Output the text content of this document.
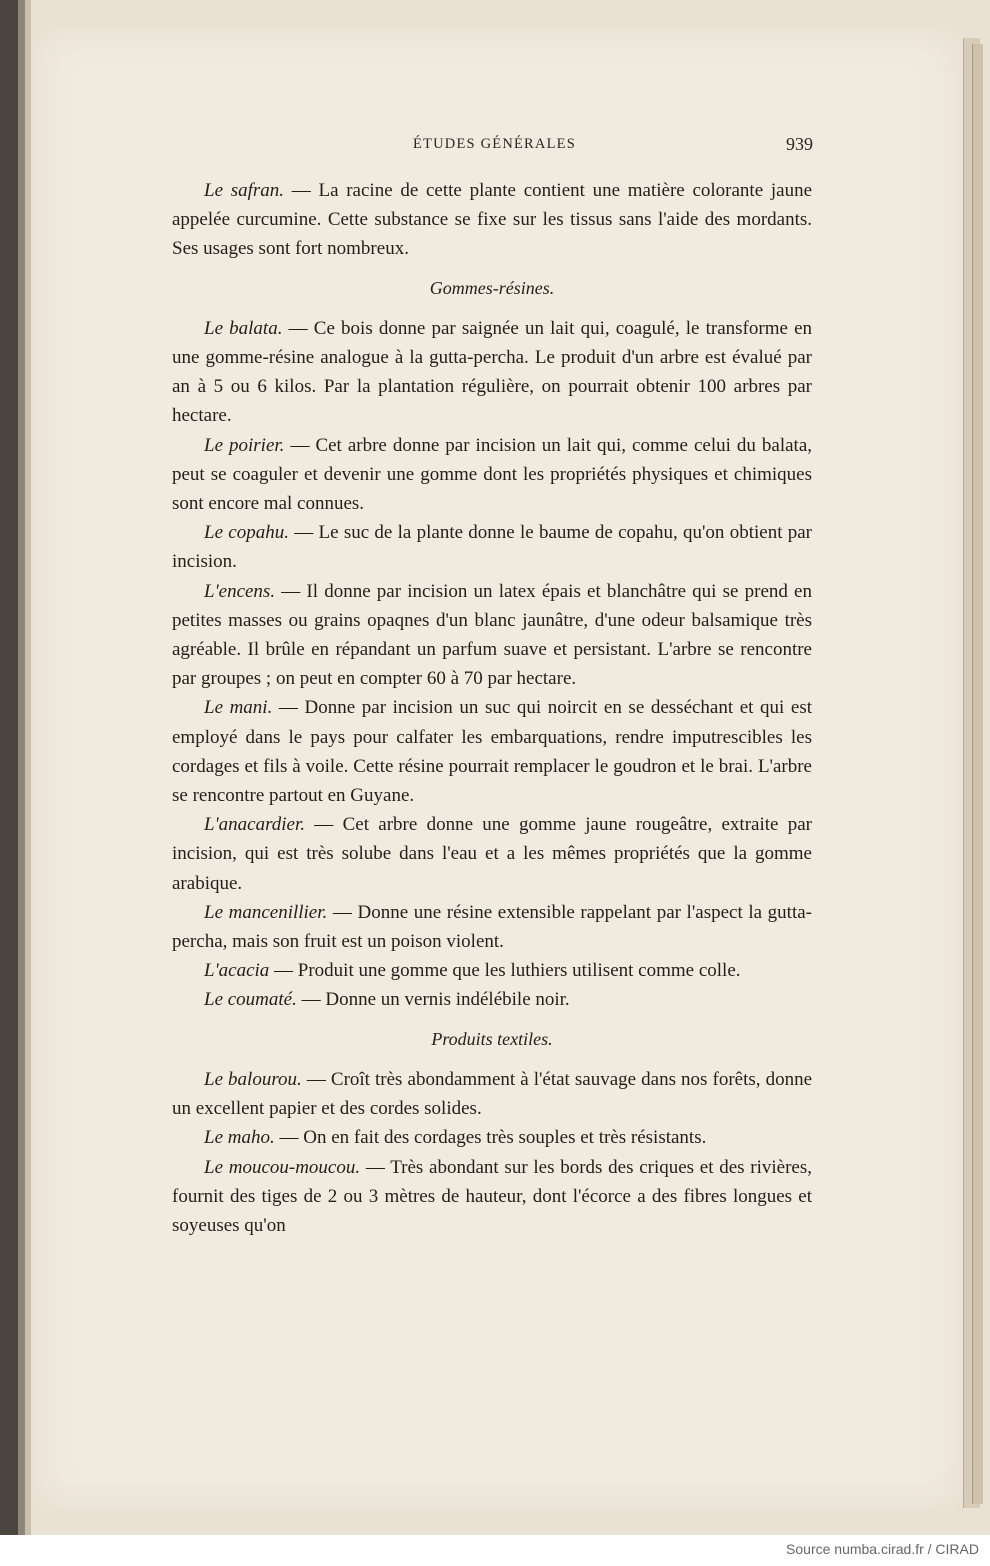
ÉTUDES GÉNÉRALES	939

Le safran. — La racine de cette plante contient une matière colorante jaune appelée curcumine. Cette substance se fixe sur les tissus sans l'aide des mordants. Ses usages sont fort nombreux.

Gommes-résines.

Le balata. — Ce bois donne par saignée un lait qui, coagulé, le transforme en une gomme-résine analogue à la gutta-percha. Le produit d'un arbre est évalué par an à 5 ou 6 kilos. Par la plantation régulière, on pourrait obtenir 100 arbres par hectare.

Le poirier. — Cet arbre donne par incision un lait qui, comme celui du balata, peut se coaguler et devenir une gomme dont les propriétés physiques et chimiques sont encore mal connues.

Le copahu. — Le suc de la plante donne le baume de copahu, qu'on obtient par incision.

L'encens. — Il donne par incision un latex épais et blanchâtre qui se prend en petites masses ou grains opaqnes d'un blanc jaunâtre, d'une odeur balsamique très agréable. Il brûle en répandant un parfum suave et persistant. L'arbre se rencontre par groupes ; on peut en compter 60 à 70 par hectare.

Le mani. — Donne par incision un suc qui noircit en se desséchant et qui est employé dans le pays pour calfater les embarquations, rendre imputrescibles les cordages et fils à voile. Cette résine pourrait remplacer le goudron et le brai. L'arbre se rencontre partout en Guyane.

L'anacardier. — Cet arbre donne une gomme jaune rougeâtre, extraite par incision, qui est très solube dans l'eau et a les mêmes propriétés que la gomme arabique.

Le mancenillier. — Donne une résine extensible rappelant par l'aspect la gutta-percha, mais son fruit est un poison violent.

L'acacia — Produit une gomme que les luthiers utilisent comme colle.

Le coumaté. — Donne un vernis indélébile noir.

Produits textiles.

Le balourou. — Croît très abondamment à l'état sauvage dans nos forêts, donne un excellent papier et des cordes solides.

Le maho. — On en fait des cordages très souples et très résistants.

Le moucou-moucou. — Très abondant sur les bords des criques et des rivières, fournit des tiges de 2 ou 3 mètres de hauteur, dont l'écorce a des fibres longues et soyeuses qu'on

Source numba.cirad.fr / CIRAD
